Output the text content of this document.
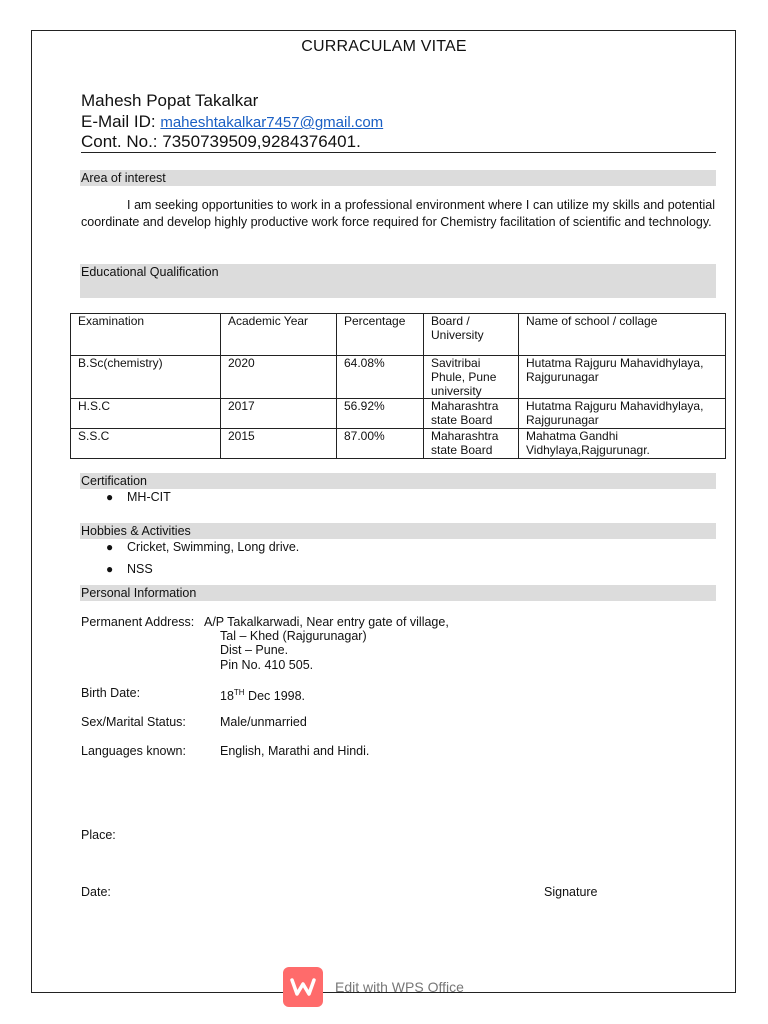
CURRACULAM VITAE
Mahesh Popat Takalkar
E-Mail ID: maheshtakalkar7457@gmail.com
Cont. No.: 7350739509,9284376401.
Area of interest
I am seeking opportunities to work in a professional environment where I can utilize my skills and potential coordinate and develop highly productive work force required for Chemistry facilitation of scientific and technology.
Educational Qualification
Examination	Academic Year	Percentage	Board / University	Name of school / collage
B.Sc(chemistry)	2020	64.08%	Savitribai Phule, Pune university	Hutatma Rajguru Mahavidhylaya, Rajgurunagar
H.S.C	2017	56.92%	Maharashtra state Board	Hutatma Rajguru Mahavidhylaya, Rajgurunagar
S.S.C	2015	87.00%	Maharashtra state Board	Mahatma Gandhi Vidhylaya,Rajgurunagr.
Certification
● MH-CIT
Hobbies & Activities
● Cricket, Swimming, Long drive.
● NSS
Personal Information
Permanent Address: A/P Takalkarwadi, Near entry gate of village,
Tal – Khed (Rajgurunagar)
Dist – Pune.
Pin No. 410 505.
Birth Date:	18TH Dec 1998.
Sex/Marital Status:	Male/unmarried
Languages known:	English, Marathi and Hindi.
Place:
Date:	Signature
Edit with WPS Office
